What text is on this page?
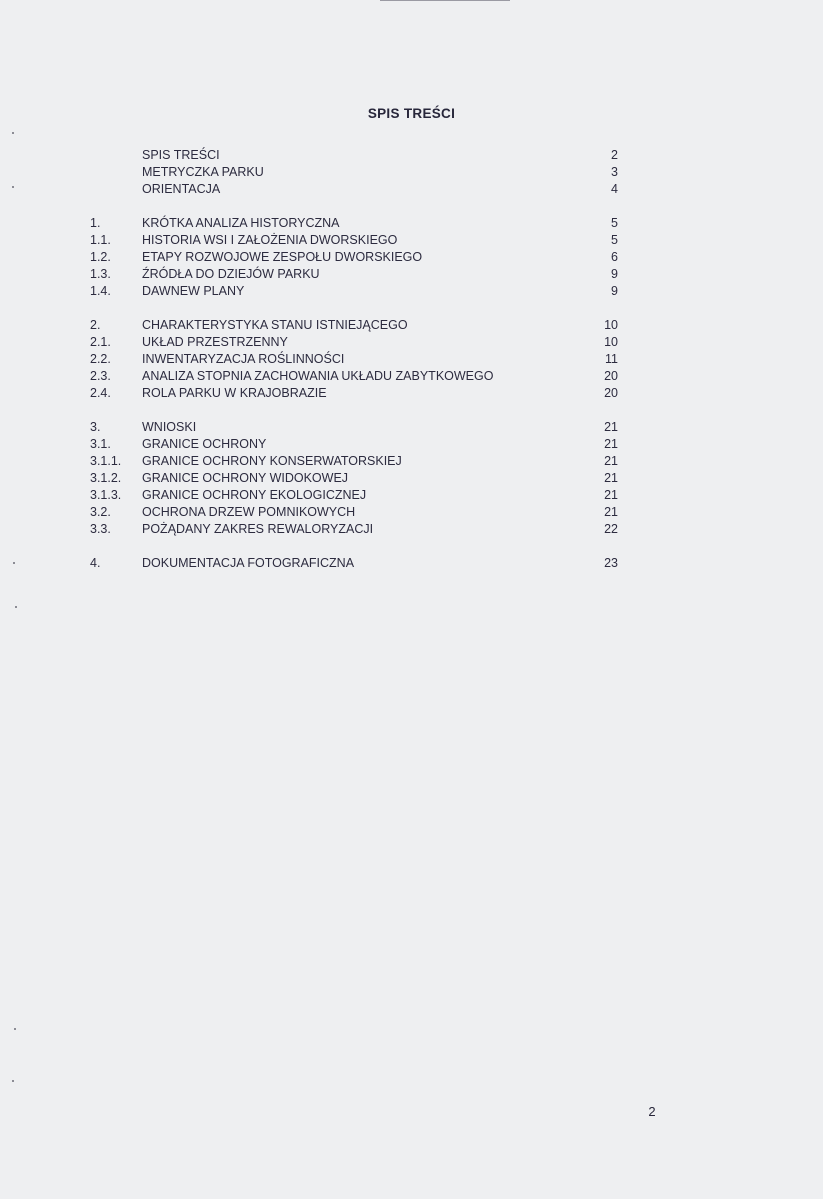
SPIS TREŚCI
SPIS TREŚCI	2
METRYCZKA PARKU	3
ORIENTACJA	4
1.	KRÓTKA ANALIZA HISTORYCZNA	5
1.1. HISTORIA WSI I ZAŁOŻENIA DWORSKIEGO	5
1.2. ETAPY ROZWOJOWE ZESPOŁU DWORSKIEGO	6
1.3. ŹRÓDŁA DO DZIEJÓW PARKU	9
1.4. DAWNEW PLANY	9
2.	CHARAKTERYSTYKA STANU ISTNIEJĄCEGO	10
2.1. UKŁAD PRZESTRZENNY	10
2.2. INWENTARYZACJA ROŚLINNOŚCI	11
2.3. ANALIZA STOPNIA ZACHOWANIA UKŁADU ZABYTKOWEGO	20
2.4. ROLA PARKU W KRAJOBRAZIE	20
3.	WNIOSKI	21
3.1. GRANICE OCHRONY	21
3.1.1. GRANICE OCHRONY KONSERWATORSKIEJ	21
3.1.2. GRANICE OCHRONY WIDOKOWEJ	21
3.1.3. GRANICE OCHRONY EKOLOGICZNEJ	21
3.2. OCHRONA DRZEW POMNIKOWYCH	21
3.3. POŻĄDANY ZAKRES REWALORYZACJI	22
4.	DOKUMENTACJA FOTOGRAFICZNA	23
2
